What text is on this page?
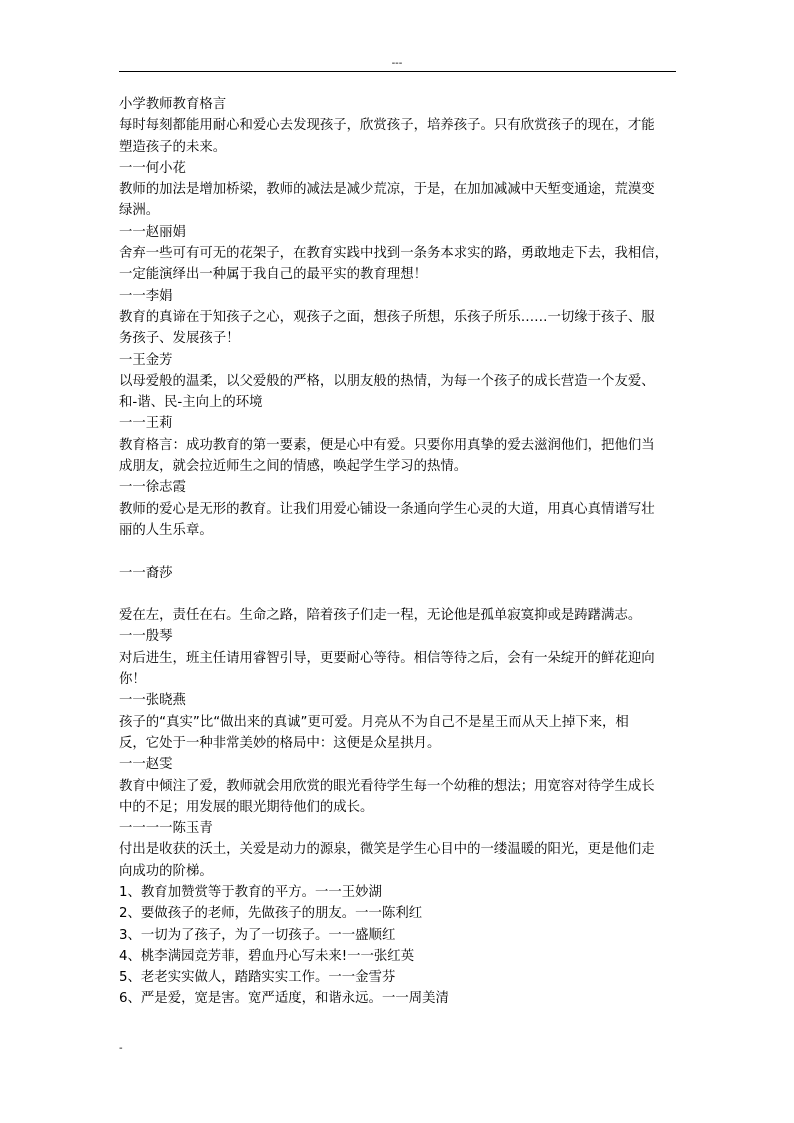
---
小学教师教育格言
每时每刻都能用耐心和爱心去发现孩子，欣赏孩子，培养孩子。只有欣赏孩子的现在，才能
塑造孩子的未来。
一一何小花
教师的加法是增加桥梁，教师的减法是减少荒凉，于是，在加加减减中天堑变通途，荒漠变
绿洲。
一一赵丽娟
舍弃一些可有可无的花架子，在教育实践中找到一条务本求实的路，勇敢地走下去，我相信，
一定能演绎出一种属于我自己的最平实的教育理想！
一一李娟
教育的真谛在于知孩子之心，观孩子之面，想孩子所想，乐孩子所乐……一切缘于孩子、服
务孩子、发展孩子！
一王金芳
以母爱般的温柔，以父爱般的严格，以朋友般的热情，为每一个孩子的成长营造一个友爱、
和-谐、民-主向上的环境
一一王莉
教育格言：成功教育的第一要素，便是心中有爱。只要你用真挚的爱去滋润他们，把他们当
成朋友，就会拉近师生之间的情感，唤起学生学习的热情。
一一徐志霞
教师的爱心是无形的教育。让我们用爱心铺设一条通向学生心灵的大道，用真心真情谱写壮
丽的人生乐章。
一一裔莎
爱在左，责任在右。生命之路，陪着孩子们走一程，无论他是孤单寂寞抑或是踌躇满志。
一一殷琴
对后进生，班主任请用睿智引导，更要耐心等待。相信等待之后，会有一朵绽开的鲜花迎向
你！
一一张晓燕
孩子的“真实”比“做出来的真诚”更可爱。月亮从不为自己不是星王而从天上掉下来，相
反，它处于一种非常美妙的格局中：这便是众星拱月。
一一赵雯
教育中倾注了爱，教师就会用欣赏的眼光看待学生每一个幼稚的想法；用宽容对待学生成长
中的不足；用发展的眼光期待他们的成长。
一一一一陈玉青
付出是收获的沃土，关爱是动力的源泉，微笑是学生心目中的一缕温暖的阳光，更是他们走
向成功的阶梯。
1、教育加赞赏等于教育的平方。一一王妙湖
2、要做孩子的老师，先做孩子的朋友。一一陈利红
3、一切为了孩子，为了一切孩子。一一盛顺红
4、桃李满园竞芳菲，碧血丹心写未来!一一张红英
5、老老实实做人，踏踏实实工作。一一金雪芬
6、严是爱，宽是害。宽严适度，和谐永远。一一周美清
-
